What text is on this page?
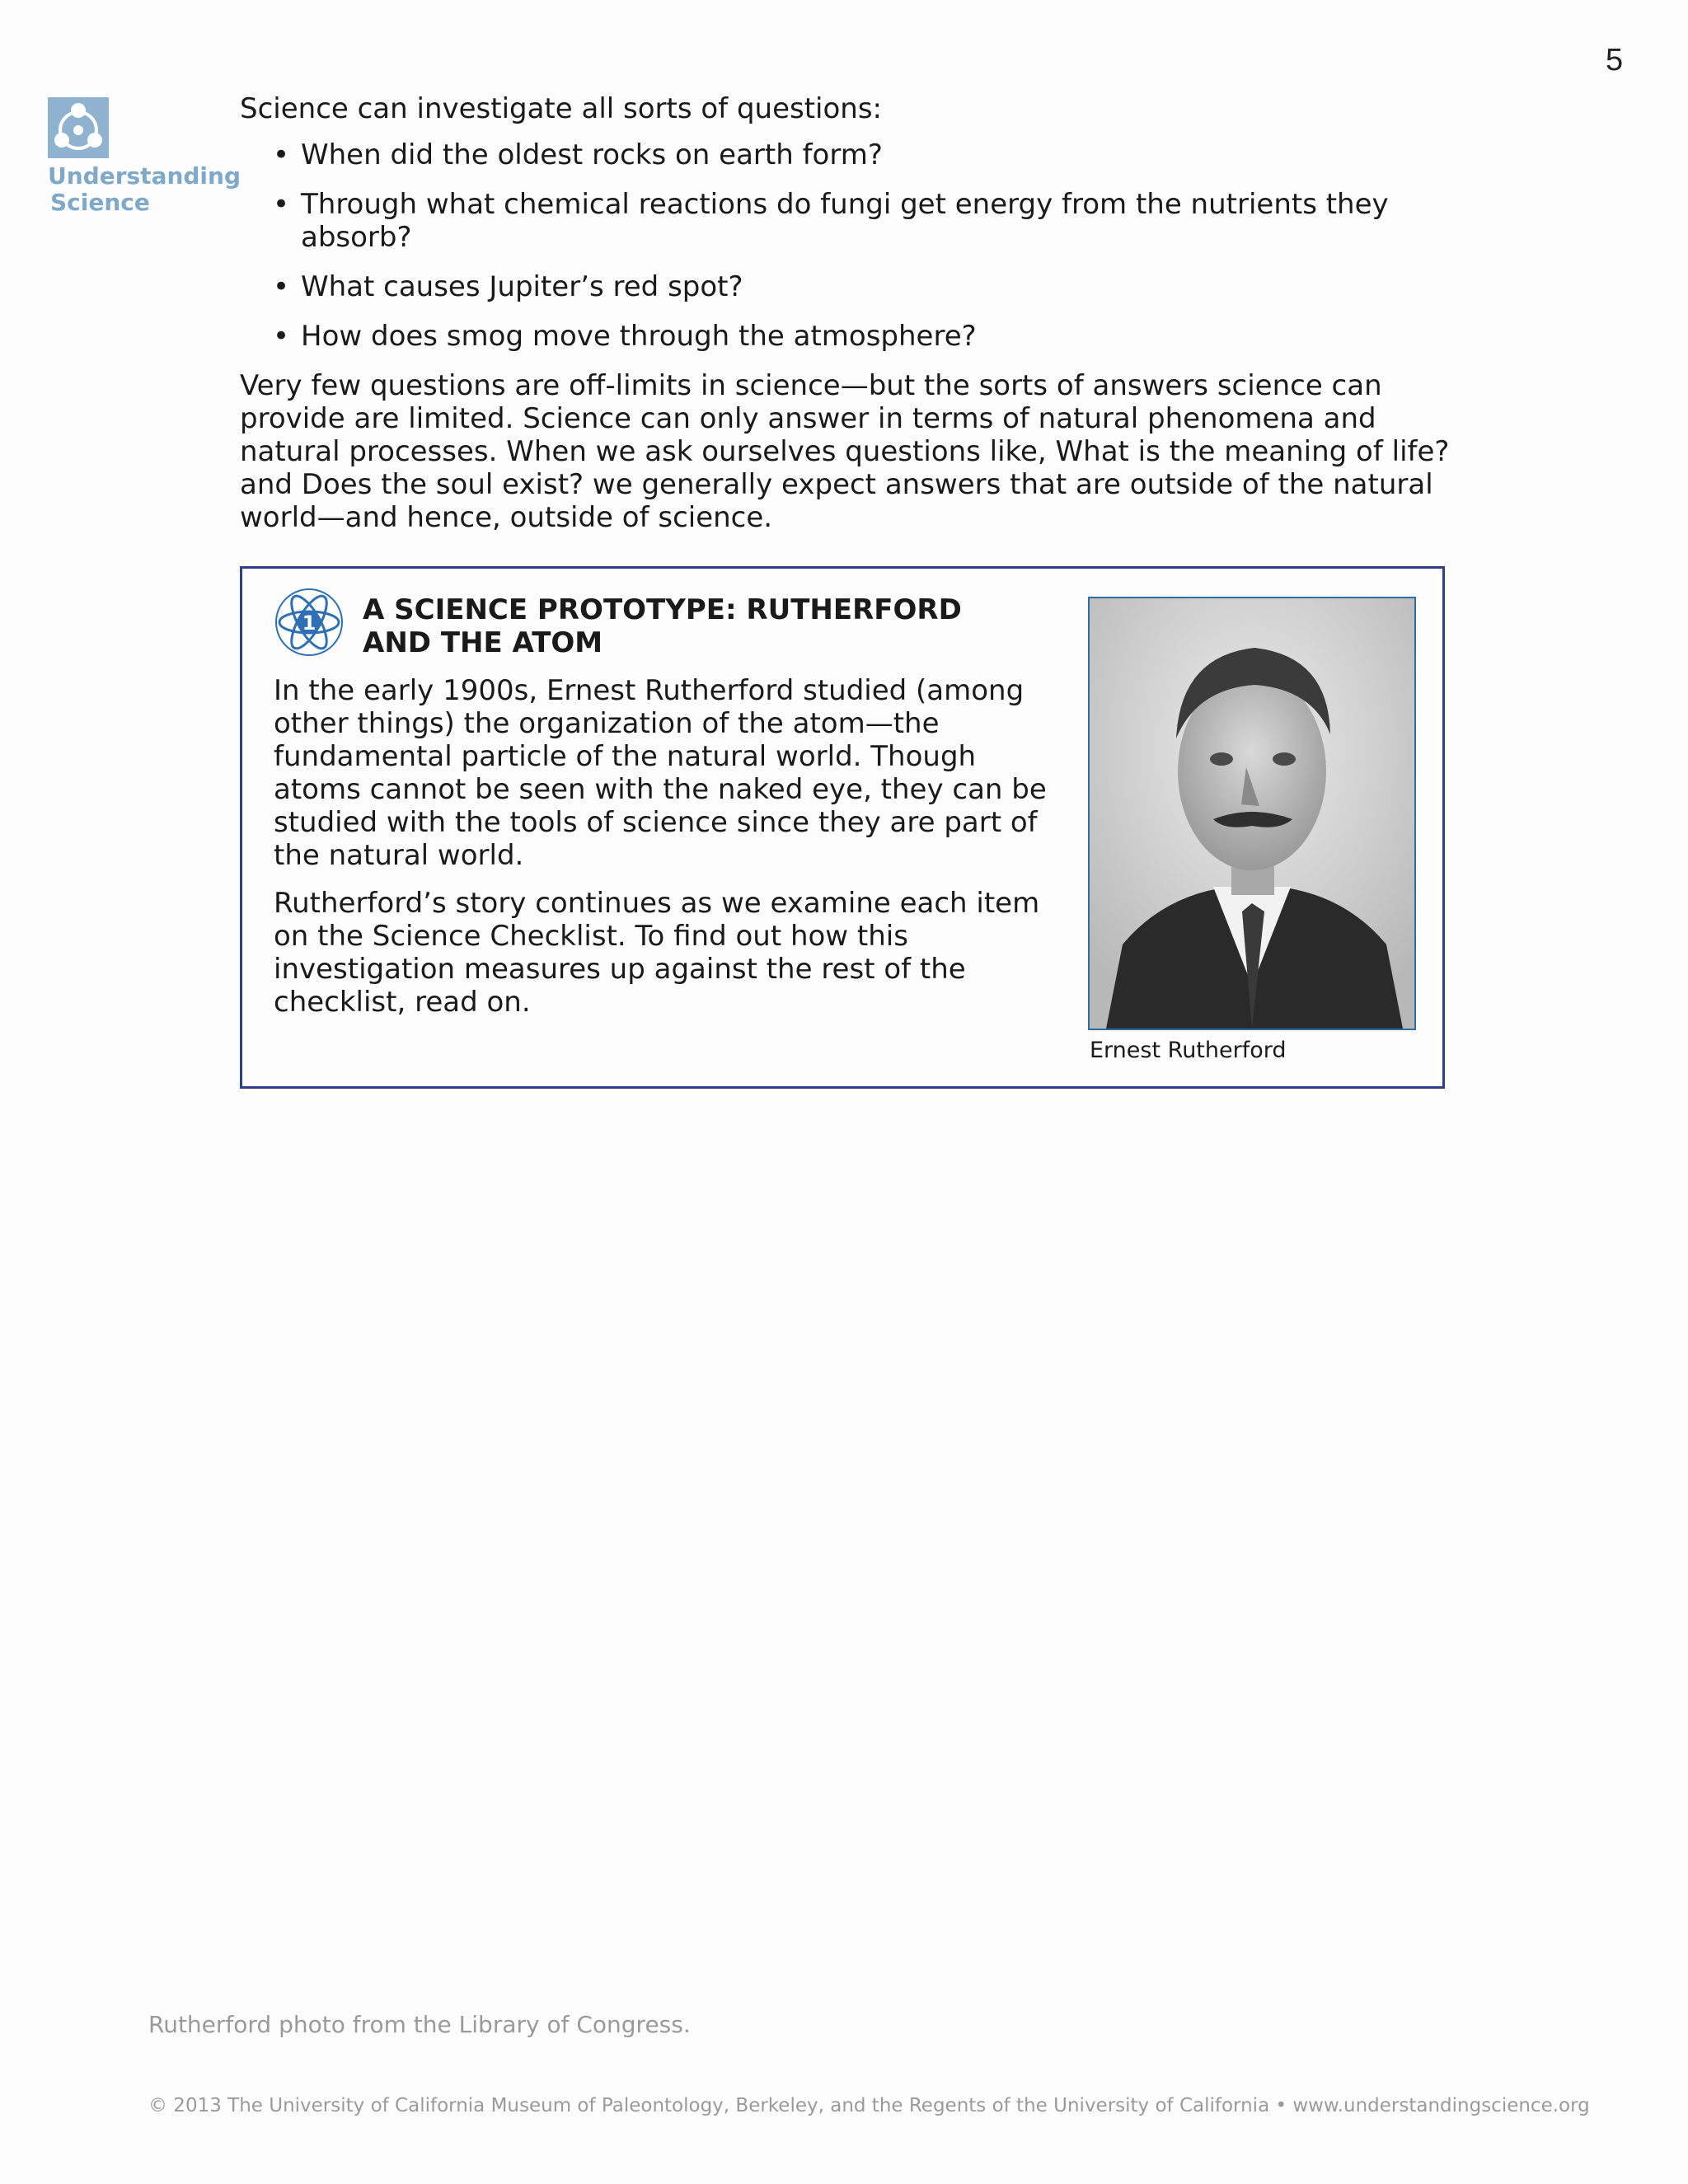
5
Understanding
Science

Science can investigate all sorts of questions:

• When did the oldest rocks on earth form?
• Through what chemical reactions do fungi get energy from the nutrients they absorb?
• What causes Jupiter’s red spot?
• How does smog move through the atmosphere?

Very few questions are off-limits in science—but the sorts of answers science can provide are limited. Science can only answer in terms of natural phenomena and natural processes. When we ask ourselves questions like, What is the meaning of life? and Does the soul exist? we generally expect answers that are outside of the natural world—and hence, outside of science.

1 A SCIENCE PROTOTYPE: RUTHERFORD AND THE ATOM

In the early 1900s, Ernest Rutherford studied (among other things) the organization of the atom—the fundamental particle of the natural world. Though atoms cannot be seen with the naked eye, they can be studied with the tools of science since they are part of the natural world.

Rutherford’s story continues as we examine each item on the Science Checklist. To find out how this investigation measures up against the rest of the checklist, read on.

Ernest Rutherford
Rutherford photo from the Library of Congress.
© 2013 The University of California Museum of Paleontology, Berkeley, and the Regents of the University of California • www.understandingscience.org
